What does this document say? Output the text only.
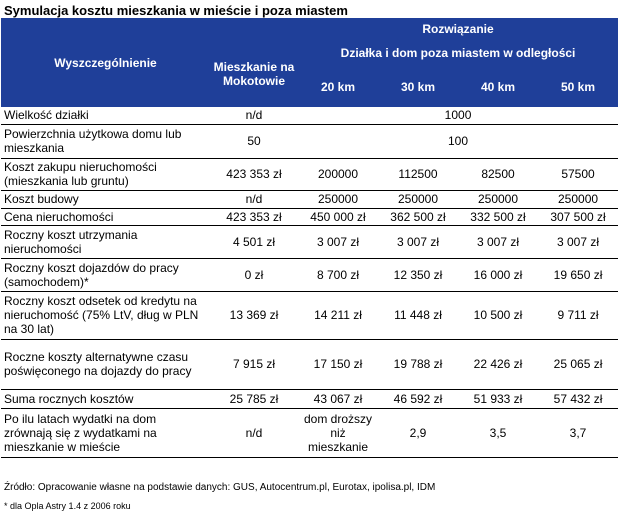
Symulacja kosztu mieszkania w mieście i poza miastem
Wyszczególnienie	Mieszkanie na Mokotowie	Rozwiązanie			
		Działka i dom poza miastem w odległości			
		20 km	30 km	40 km	50 km
Wielkość działki	n/d	1000			
Powierzchnia użytkowa domu lub mieszkania	50	100			
Koszt zakupu nieruchomości (mieszkania lub gruntu)	423 353 zł	200000	112500	82500	57500
Koszt budowy	n/d	250000	250000	250000	250000
Cena nieruchomości	423 353 zł	450 000 zł	362 500 zł	332 500 zł	307 500 zł
Roczny koszt utrzymania nieruchomości	4 501 zł	3 007 zł	3 007 zł	3 007 zł	3 007 zł
Roczny koszt dojazdów do pracy (samochodem)*	0 zł	8 700 zł	12 350 zł	16 000 zł	19 650 zł
Roczny koszt odsetek od kredytu na nieruchomość (75% LtV, dług w PLN na 30 lat)	13 369 zł	14 211 zł	11 448 zł	10 500 zł	9 711 zł
Roczne koszty alternatywne czasu poświęconego na dojazdy do pracy	7 915 zł	17 150 zł	19 788 zł	22 426 zł	25 065 zł
Suma rocznych kosztów	25 785 zł	43 067 zł	46 592 zł	51 933 zł	57 432 zł
Po ilu latach wydatki na dom zrównają się z wydatkami na mieszkanie w mieście	n/d	dom droższy niż mieszkanie	2,9	3,5	3,7
Źródło: Opracowanie własne na podstawie danych: GUS, Autocentrum.pl, Eurotax, ipolisa.pl, IDM
* dla Opla Astry 1.4 z 2006 roku
